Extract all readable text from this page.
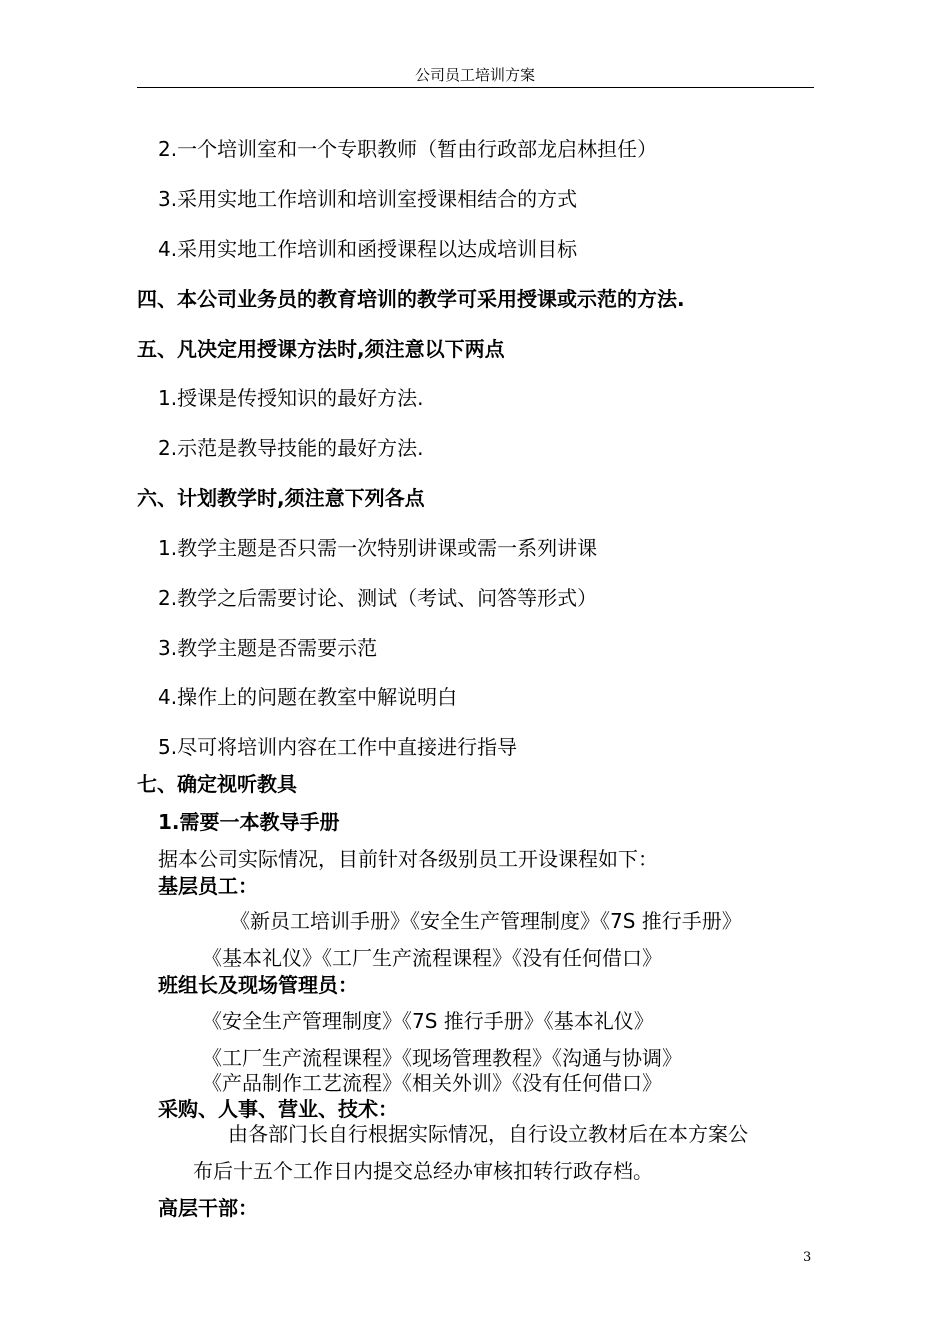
公司员工培训方案
2.一个培训室和一个专职教师（暂由行政部龙启林担任）
3.采用实地工作培训和培训室授课相结合的方式
4.采用实地工作培训和函授课程以达成培训目标
四、本公司业务员的教育培训的教学可采用授课或示范的方法.
五、凡决定用授课方法时,须注意以下两点
1.授课是传授知识的最好方法.
2.示范是教导技能的最好方法.
六、计划教学时,须注意下列各点
1.教学主题是否只需一次特别讲课或需一系列讲课
2.教学之后需要讨论、测试（考试、问答等形式）
3.教学主题是否需要示范
4.操作上的问题在教室中解说明白
5.尽可将培训内容在工作中直接进行指导
七、确定视听教具
1.需要一本教导手册
据本公司实际情况，目前针对各级别员工开设课程如下：
基层员工：
《新员工培训手册》《安全生产管理制度》《7S 推行手册》
《基本礼仪》《工厂生产流程课程》《没有任何借口》
班组长及现场管理员：
《安全生产管理制度》《7S 推行手册》《基本礼仪》
《工厂生产流程课程》《现场管理教程》《沟通与协调》
《产品制作工艺流程》《相关外训》《没有任何借口》
采购、人事、营业、技术：
由各部门长自行根据实际情况，自行设立教材后在本方案公
布后十五个工作日内提交总经办审核扣转行政存档。
高层干部：
3
